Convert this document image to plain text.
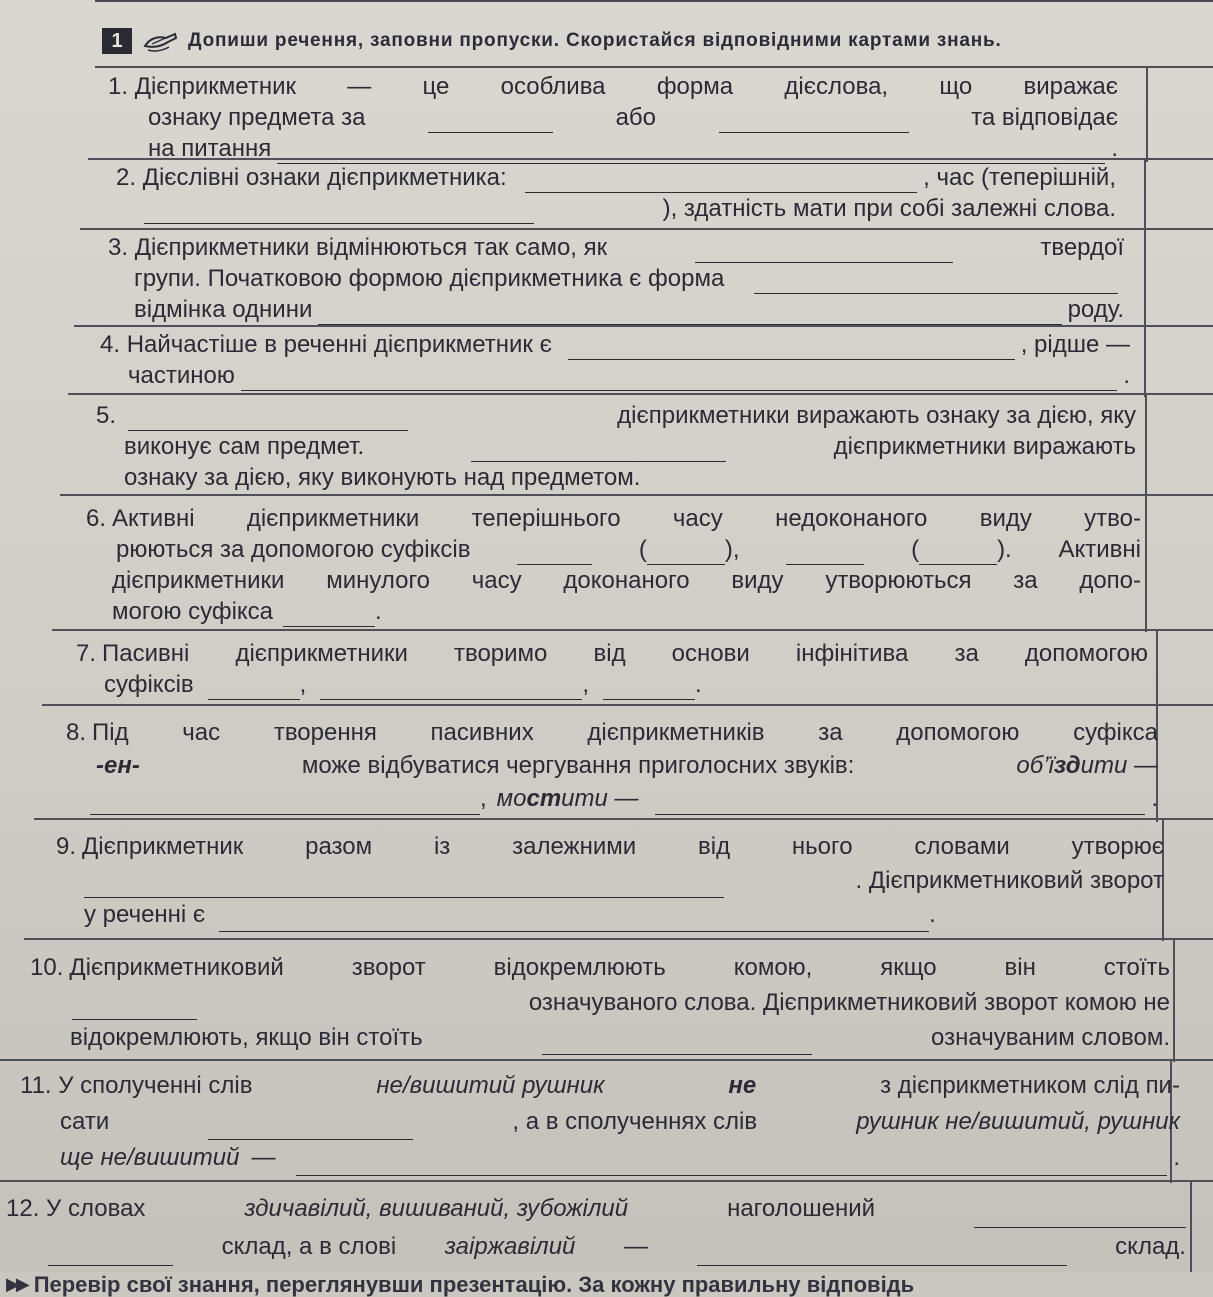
1	Допиши речення, заповни пропуски. Скористайся відповідними картами знань.
1. Дієприкметник — це особлива форма дієслова, що виражає
ознаку предмета за	або	та відповідає
на питання	.
2. Дієслівні ознаки дієприкметника:	, час (теперішній,
), здатність мати при собі залежні слова.
3. Дієприкметники відмінюються так само, як	твердої
групи. Початковою формою дієприкметника є форма
відмінка однини	роду.
4. Найчастіше в реченні дієприкметник є	, рідше —
частиною	.
5.	дієприкметники виражають ознаку за дією, яку
виконує сам предмет.	дієприкметники виражають
ознаку за дією, яку виконують над предметом.
6. Активні дієприкметники теперішнього часу недоконаного виду утво-
рюються за допомогою суфіксів	(	),	(	). Активні
дієприкметники минулого часу доконаного виду утворюються за допо-
могою суфікса	.
7. Пасивні дієприкметники творимо від основи інфінітива за допомогою
суфіксів	,	,	.
8. Під час творення пасивних дієприкметників за допомогою суфікса
-ен-	може відбуватися чергування приголосних звуків:	об’їздити —
, мостити —	.
9. Дієприкметник разом із залежними від нього словами утворює
. Дієприкметниковий зворот
у реченні є	.
10. Дієприкметниковий зворот відокремлюють комою, якщо він стоїть
означуваного слова. Дієприкметниковий зворот комою не
відокремлюють, якщо він стоїть	означуваним словом.
11. У сполученні слів	не/вишитий рушник	не	з дієприкметником слід пи-
сати	, а в сполученнях слів	рушник не/вишитий, рушник
ще не/вишитий —	.
12. У словах	здичавілий, вишиваний, зубожілий	наголошений
склад, а в слові заіржавілий —	склад.
▶▶ Перевір свої знання, переглянувши презентацію. За кожну правильну відповідь
